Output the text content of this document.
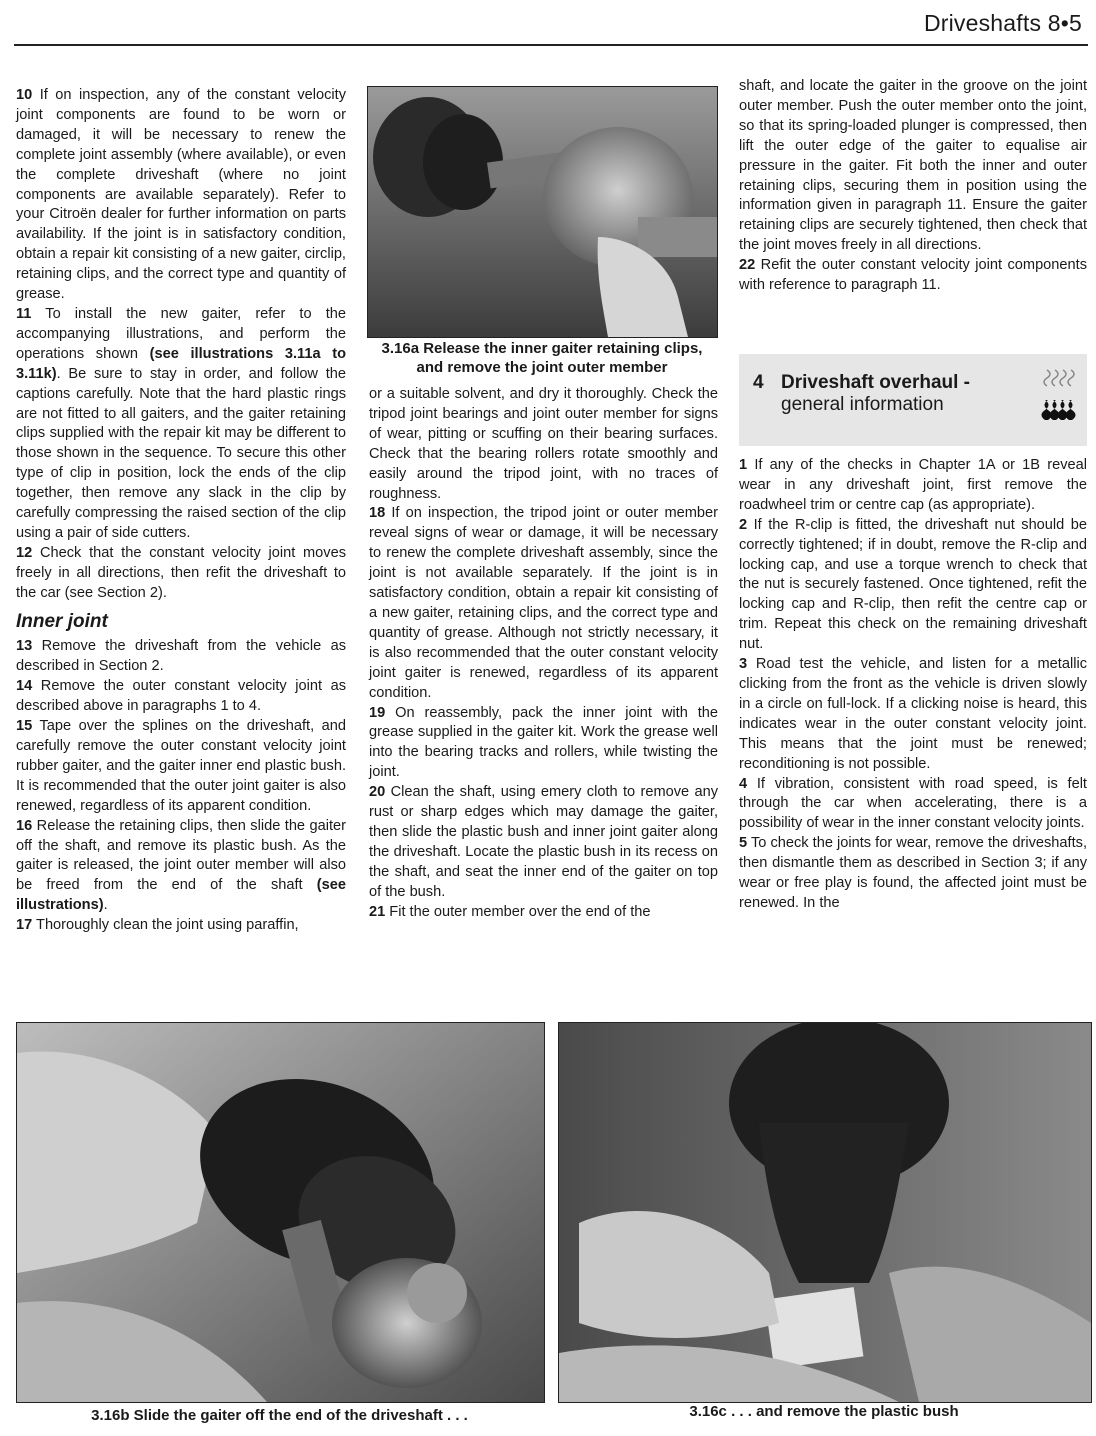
Driveshafts 8•5

10 If on inspection, any of the constant velocity joint components are found to be worn or damaged, it will be necessary to renew the complete joint assembly (where available), or even the complete driveshaft (where no joint components are available separately). Refer to your Citroën dealer for further information on parts availability. If the joint is in satisfactory condition, obtain a repair kit consisting of a new gaiter, circlip, retaining clips, and the correct type and quantity of grease.

11 To install the new gaiter, refer to the accompanying illustrations, and perform the operations shown (see illustrations 3.11a to 3.11k). Be sure to stay in order, and follow the captions carefully. Note that the hard plastic rings are not fitted to all gaiters, and the gaiter retaining clips supplied with the repair kit may be different to those shown in the sequence. To secure this other type of clip in position, lock the ends of the clip together, then remove any slack in the clip by carefully compressing the raised section of the clip using a pair of side cutters.

12 Check that the constant velocity joint moves freely in all directions, then refit the driveshaft to the car (see Section 2).

Inner joint

13 Remove the driveshaft from the vehicle as described in Section 2.

14 Remove the outer constant velocity joint as described above in paragraphs 1 to 4.

15 Tape over the splines on the driveshaft, and carefully remove the outer constant velocity joint rubber gaiter, and the gaiter inner end plastic bush. It is recommended that the outer joint gaiter is also renewed, regardless of its apparent condition.

16 Release the retaining clips, then slide the gaiter off the shaft, and remove its plastic bush. As the gaiter is released, the joint outer member will also be freed from the end of the shaft (see illustrations).

17 Thoroughly clean the joint using paraffin,

3.16a Release the inner gaiter retaining clips, and remove the joint outer member

or a suitable solvent, and dry it thoroughly. Check the tripod joint bearings and joint outer member for signs of wear, pitting or scuffing on their bearing surfaces. Check that the bearing rollers rotate smoothly and easily around the tripod joint, with no traces of roughness.

18 If on inspection, the tripod joint or outer member reveal signs of wear or damage, it will be necessary to renew the complete driveshaft assembly, since the joint is not available separately. If the joint is in satisfactory condition, obtain a repair kit consisting of a new gaiter, retaining clips, and the correct type and quantity of grease. Although not strictly necessary, it is also recommended that the outer constant velocity joint gaiter is renewed, regardless of its apparent condition.

19 On reassembly, pack the inner joint with the grease supplied in the gaiter kit. Work the grease well into the bearing tracks and rollers, while twisting the joint.

20 Clean the shaft, using emery cloth to remove any rust or sharp edges which may damage the gaiter, then slide the plastic bush and inner joint gaiter along the driveshaft. Locate the plastic bush in its recess on the shaft, and seat the inner end of the gaiter on top of the bush.

21 Fit the outer member over the end of the

shaft, and locate the gaiter in the groove on the joint outer member. Push the outer member onto the joint, so that its spring-loaded plunger is compressed, then lift the outer edge of the gaiter to equalise air pressure in the gaiter. Fit both the inner and outer retaining clips, securing them in position using the information given in paragraph 11. Ensure the gaiter retaining clips are securely tightened, then check that the joint moves freely in all directions.

22 Refit the outer constant velocity joint components with reference to paragraph 11.

4 Driveshaft overhaul -
general information

1 If any of the checks in Chapter 1A or 1B reveal wear in any driveshaft joint, first remove the roadwheel trim or centre cap (as appropriate).

2 If the R-clip is fitted, the driveshaft nut should be correctly tightened; if in doubt, remove the R-clip and locking cap, and use a torque wrench to check that the nut is securely fastened. Once tightened, refit the locking cap and R-clip, then refit the centre cap or trim. Repeat this check on the remaining driveshaft nut.

3 Road test the vehicle, and listen for a metallic clicking from the front as the vehicle is driven slowly in a circle on full-lock. If a clicking noise is heard, this indicates wear in the outer constant velocity joint. This means that the joint must be renewed; reconditioning is not possible.

4 If vibration, consistent with road speed, is felt through the car when accelerating, there is a possibility of wear in the inner constant velocity joints.

5 To check the joints for wear, remove the driveshafts, then dismantle them as described in Section 3; if any wear or free play is found, the affected joint must be renewed. In the

3.16b Slide the gaiter off the end of the driveshaft . . .	3.16c . . . and remove the plastic bush
